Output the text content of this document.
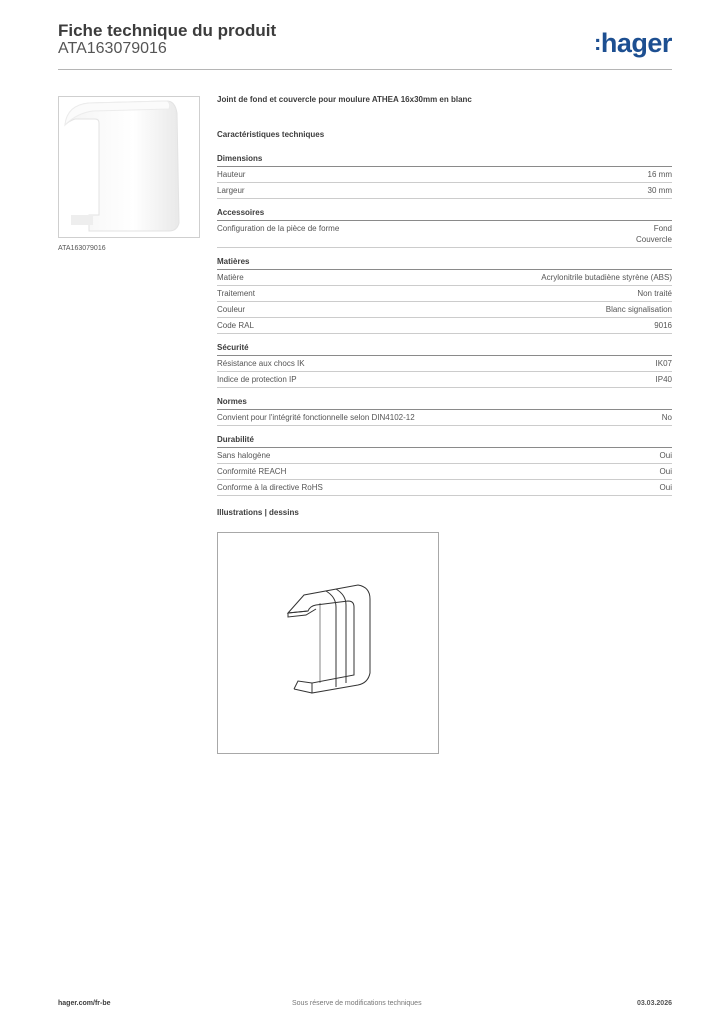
Fiche technique du produit
ATA163079016	:hager
ATA163079016
Joint de fond et couvercle pour moulure ATHEA 16x30mm en blanc
Caractéristiques techniques
Dimensions
Hauteur	16 mm
Largeur	30 mm
Accessoires
Configuration de la pièce de forme	Fond
Couvercle
Matières
Matière	Acrylonitrile butadiène styrène (ABS)
Traitement	Non traité
Couleur	Blanc signalisation
Code RAL	9016
Sécurité
Résistance aux chocs IK	IK07
Indice de protection IP	IP40
Normes
Convient pour l'intégrité fonctionnelle selon DIN4102-12	No
Durabilité
Sans halogène	Oui
Conformité REACH	Oui
Conforme à la directive RoHS	Oui
Illustrations | dessins
hager.com/fr-be	Sous réserve de modifications techniques	03.03.2026
